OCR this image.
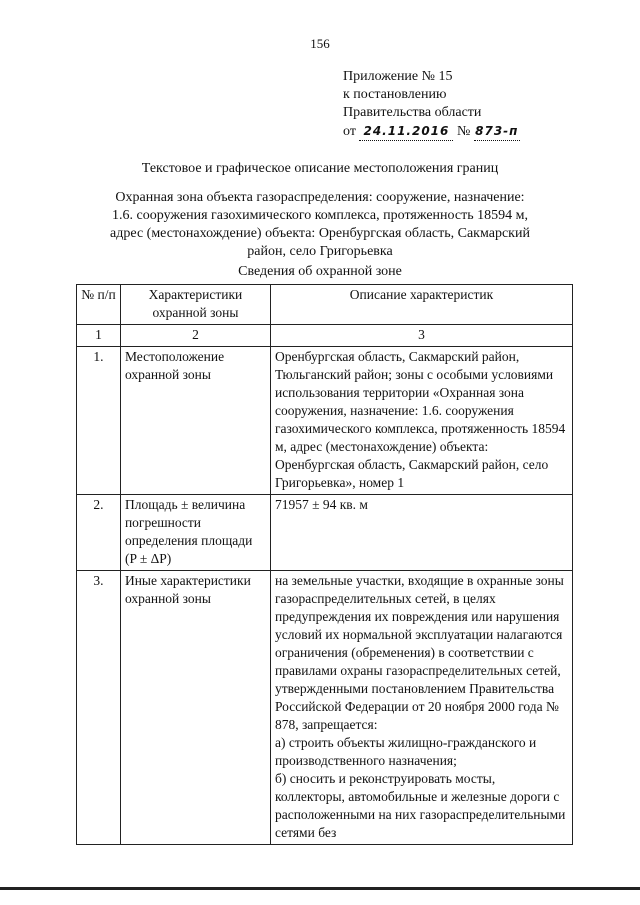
156
Приложение № 15
к постановлению
Правительства области
от 24.11.2016 № 873-п
Текстовое и графическое описание местоположения границ
Охранная зона объекта газораспределения: сооружение, назначение: 1.6. сооружения газохимического комплекса, протяженность 18594 м, адрес (местонахождение) объекта: Оренбургская область, Сакмарский район, село Григорьевка
Сведения об охранной зоне
№ п/п	Характеристики охранной зоны	Описание характеристик
1	2	3
1.	Местоположение охранной зоны	Оренбургская область, Сакмарский район, Тюльганский район; зоны с особыми условиями использования территории «Охранная зона сооружения, назначение: 1.6. сооружения газохимического комплекса, протяженность 18594 м, адрес (местонахождение) объекта: Оренбургская область, Сакмарский район, село Григорьевка», номер 1
2.	Площадь ± величина погрешности определения площади (P ± ΔP)	71957 ± 94 кв. м
3.	Иные характеристики охранной зоны	на земельные участки, входящие в охранные зоны газораспределительных сетей, в целях предупреждения их повреждения или нарушения условий их нормальной эксплуатации налагаются ограничения (обременения) в соответствии с правилами охраны газораспределительных сетей, утвержденными постановлением Правительства Российской Федерации от 20 ноября 2000 года № 878, запрещается:
а) строить объекты жилищно-гражданского и производственного назначения;
б) сносить и реконструировать мосты, коллекторы, автомобильные и железные дороги с расположенными на них газораспределительными сетями без
